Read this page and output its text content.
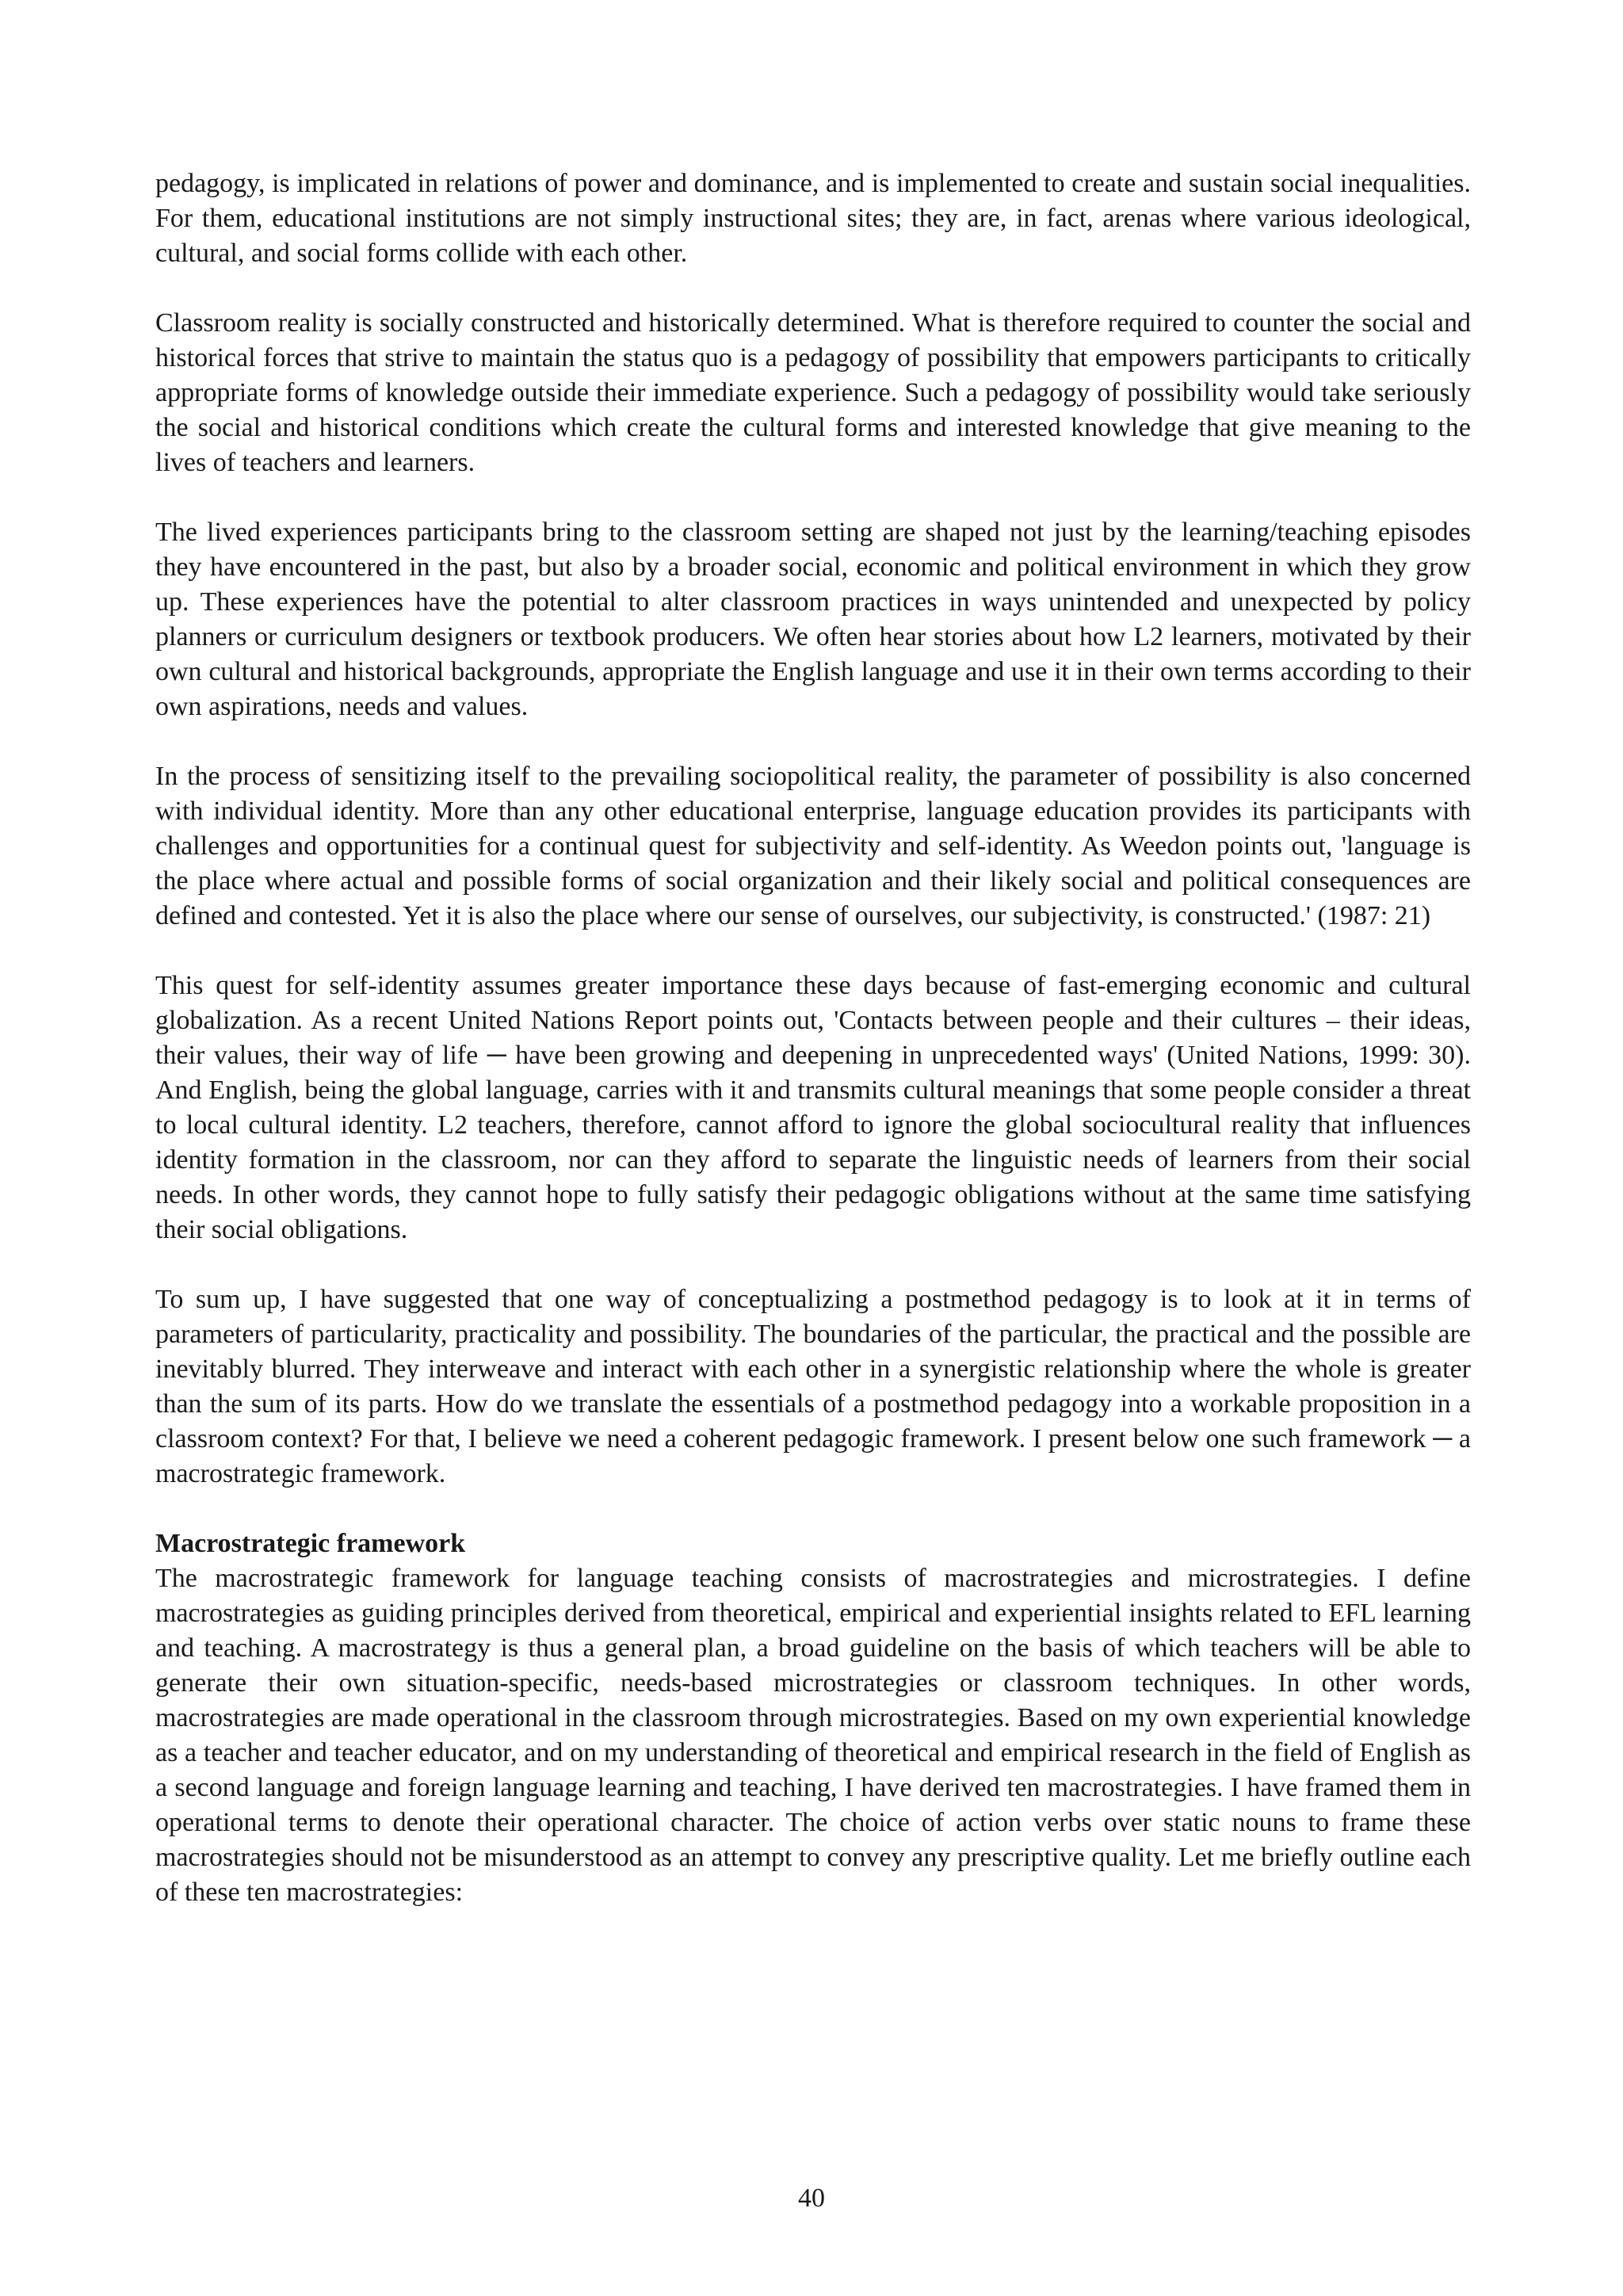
pedagogy, is implicated in relations of power and dominance, and is implemented to create and sustain social inequalities. For them, educational institutions are not simply instructional sites; they are, in fact, arenas where various ideological, cultural, and social forms collide with each other.

Classroom reality is socially constructed and historically determined. What is therefore required to counter the social and historical forces that strive to maintain the status quo is a pedagogy of possibility that empowers participants to critically appropriate forms of knowledge outside their immediate experience. Such a pedagogy of possibility would take seriously the social and historical conditions which create the cultural forms and interested knowledge that give meaning to the lives of teachers and learners.

The lived experiences participants bring to the classroom setting are shaped not just by the learning/teaching episodes they have encountered in the past, but also by a broader social, economic and political environment in which they grow up. These experiences have the potential to alter classroom practices in ways unintended and unexpected by policy planners or curriculum designers or textbook producers. We often hear stories about how L2 learners, motivated by their own cultural and historical backgrounds, appropriate the English language and use it in their own terms according to their own aspirations, needs and values.

In the process of sensitizing itself to the prevailing sociopolitical reality, the parameter of possibility is also concerned with individual identity. More than any other educational enterprise, language education provides its participants with challenges and opportunities for a continual quest for subjectivity and self-identity. As Weedon points out, 'language is the place where actual and possible forms of social organization and their likely social and political consequences are defined and contested. Yet it is also the place where our sense of ourselves, our subjectivity, is constructed.' (1987: 21)

This quest for self-identity assumes greater importance these days because of fast-emerging economic and cultural globalization. As a recent United Nations Report points out, 'Contacts between people and their cultures – their ideas, their values, their way of life ─ have been growing and deepening in unprecedented ways' (United Nations, 1999: 30). And English, being the global language, carries with it and transmits cultural meanings that some people consider a threat to local cultural identity. L2 teachers, therefore, cannot afford to ignore the global sociocultural reality that influences identity formation in the classroom, nor can they afford to separate the linguistic needs of learners from their social needs. In other words, they cannot hope to fully satisfy their pedagogic obligations without at the same time satisfying their social obligations.

To sum up, I have suggested that one way of conceptualizing a postmethod pedagogy is to look at it in terms of parameters of particularity, practicality and possibility. The boundaries of the particular, the practical and the possible are inevitably blurred. They interweave and interact with each other in a synergistic relationship where the whole is greater than the sum of its parts. How do we translate the essentials of a postmethod pedagogy into a workable proposition in a classroom context? For that, I believe we need a coherent pedagogic framework. I present below one such framework ─ a macrostrategic framework.

Macrostrategic framework

The macrostrategic framework for language teaching consists of macrostrategies and microstrategies. I define macrostrategies as guiding principles derived from theoretical, empirical and experiential insights related to EFL learning and teaching. A macrostrategy is thus a general plan, a broad guideline on the basis of which teachers will be able to generate their own situation-specific, needs-based microstrategies or classroom techniques. In other words, macrostrategies are made operational in the classroom through microstrategies. Based on my own experiential knowledge as a teacher and teacher educator, and on my understanding of theoretical and empirical research in the field of English as a second language and foreign language learning and teaching, I have derived ten macrostrategies. I have framed them in operational terms to denote their operational character. The choice of action verbs over static nouns to frame these macrostrategies should not be misunderstood as an attempt to convey any prescriptive quality. Let me briefly outline each of these ten macrostrategies:

40
